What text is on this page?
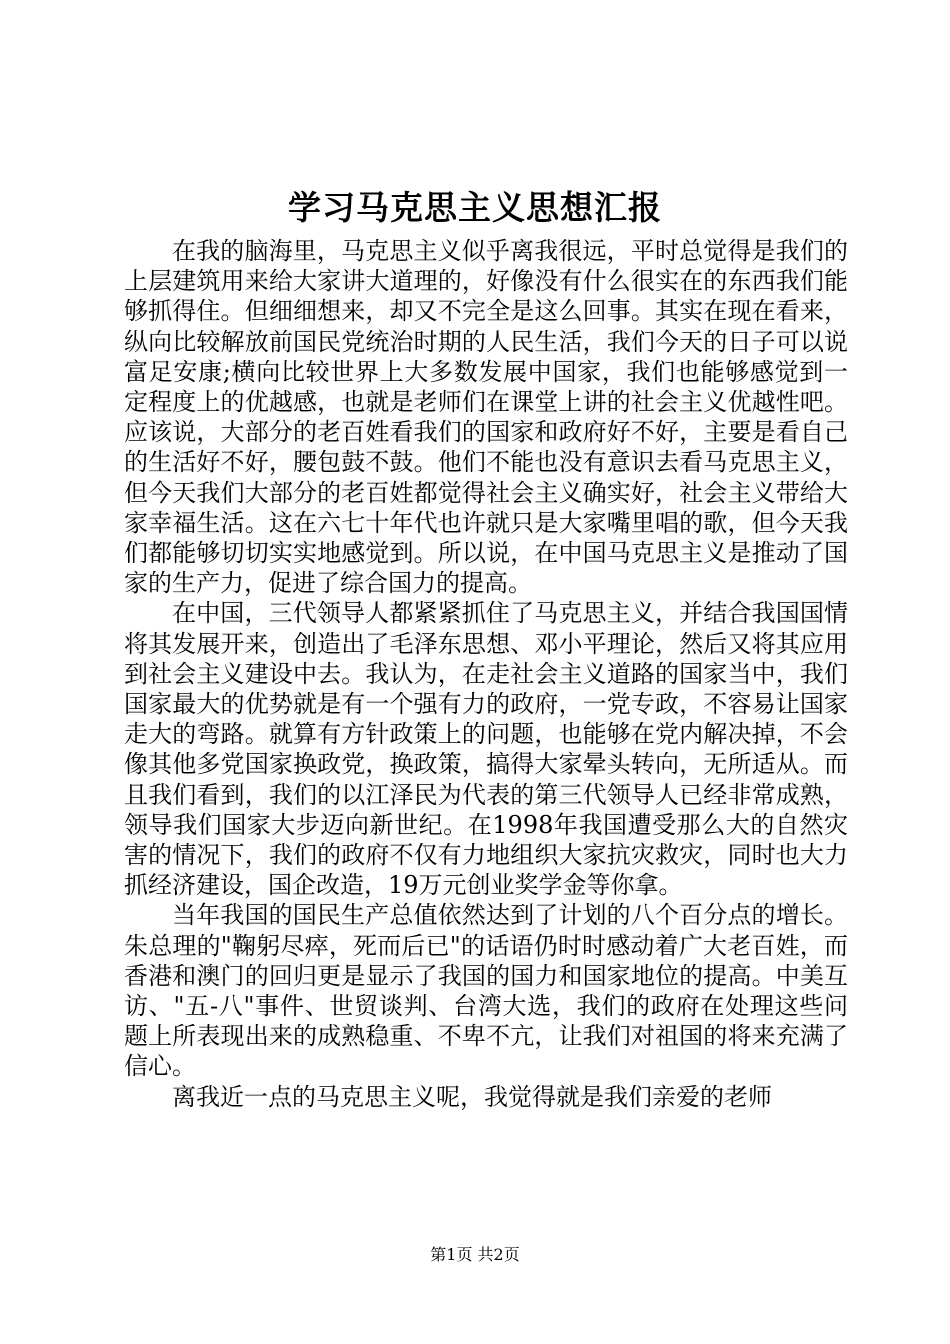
学习马克思主义思想汇报

在我的脑海里，马克思主义似乎离我很远，平时总觉得是我们的上层建筑用来给大家讲大道理的，好像没有什么很实在的东西我们能够抓得住。但细细想来，却又不完全是这么回事。其实在现在看来，纵向比较解放前国民党统治时期的人民生活，我们今天的日子可以说富足安康;横向比较世界上大多数发展中国家，我们也能够感觉到一定程度上的优越感，也就是老师们在课堂上讲的社会主义优越性吧。应该说，大部分的老百姓看我们的国家和政府好不好，主要是看自己的生活好不好，腰包鼓不鼓。他们不能也没有意识去看马克思主义，但今天我们大部分的老百姓都觉得社会主义确实好，社会主义带给大家幸福生活。这在六七十年代也许就只是大家嘴里唱的歌，但今天我们都能够切切实实地感觉到。所以说，在中国马克思主义是推动了国家的生产力，促进了综合国力的提高。

在中国，三代领导人都紧紧抓住了马克思主义，并结合我国国情将其发展开来，创造出了毛泽东思想、邓小平理论，然后又将其应用到社会主义建设中去。我认为，在走社会主义道路的国家当中，我们国家最大的优势就是有一个强有力的政府，一党专政，不容易让国家走大的弯路。就算有方针政策上的问题，也能够在党内解决掉，不会像其他多党国家换政党，换政策，搞得大家晕头转向，无所适从。而且我们看到，我们的以江泽民为代表的第三代领导人已经非常成熟，领导我们国家大步迈向新世纪。在1998年我国遭受那么大的自然灾害的情况下，我们的政府不仅有力地组织大家抗灾救灾，同时也大力抓经济建设，国企改造，19万元创业奖学金等你拿。

当年我国的国民生产总值依然达到了计划的八个百分点的增长。朱总理的"鞠躬尽瘁，死而后已"的话语仍时时感动着广大老百姓，而香港和澳门的回归更是显示了我国的国力和国家地位的提高。中美互访、"五-八"事件、世贸谈判、台湾大选，我们的政府在处理这些问题上所表现出来的成熟稳重、不卑不亢，让我们对祖国的将来充满了信心。

离我近一点的马克思主义呢，我觉得就是我们亲爱的老师

第1页 共2页
